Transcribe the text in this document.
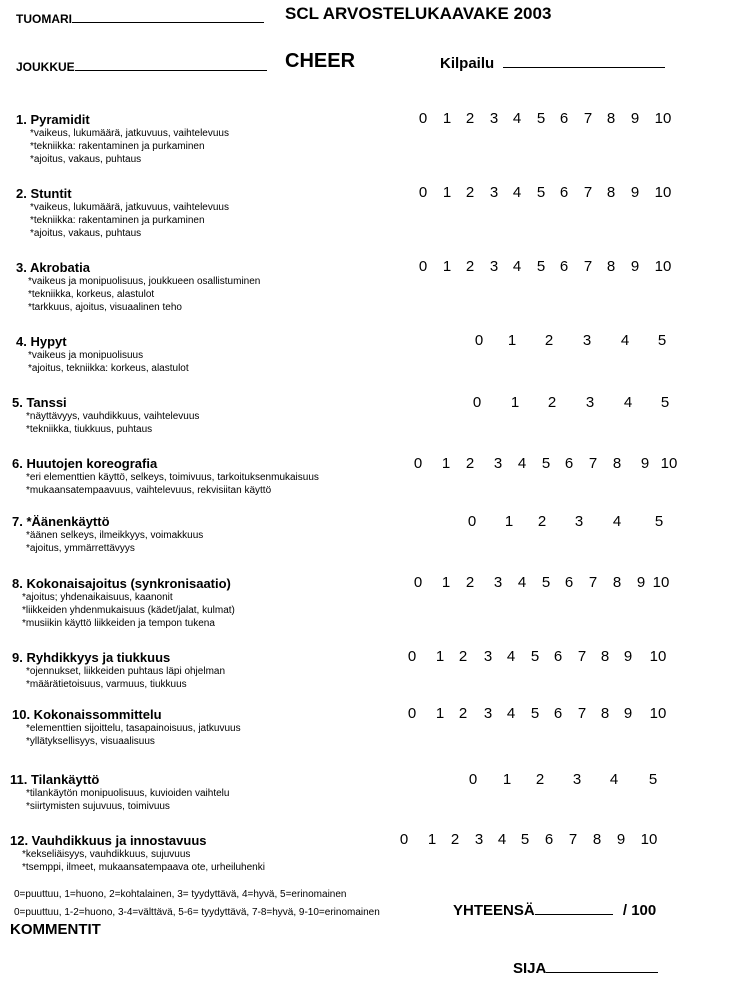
TUOMARI	SCL ARVOSTELUKAAVAKE 2003
JOUKKUE	CHEER	Kilpailu
1. Pyramidit
*vaikeus, lukumäärä, jatkuvuus, vaihtelevuus
*tekniikka: rakentaminen ja purkaminen
*ajoitus, vakaus, puhtaus
0 1 2 3 4 5 6 7 8 9 10
2. Stuntit
*vaikeus, lukumäärä, jatkuvuus, vaihtelevuus
*tekniikka: rakentaminen ja purkaminen
*ajoitus, vakaus, puhtaus
0 1 2 3 4 5 6 7 8 9 10
3. Akrobatia
*vaikeus ja monipuolisuus, joukkueen osallistuminen
*tekniikka, korkeus, alastulot
*tarkkuus, ajoitus, visuaalinen teho
0 1 2 3 4 5 6 7 8 9 10
4. Hypyt
*vaikeus ja monipuolisuus
*ajoitus, tekniikka: korkeus, alastulot
0 1 2 3 4 5
5. Tanssi
*näyttävyys, vauhdikkuus, vaihtelevuus
*tekniikka, tiukkuus, puhtaus
0 1 2 3 4 5
6. Huutojen koreografia
*eri elementtien käyttö, selkeys, toimivuus, tarkoituksenmukaisuus
*mukaansatempaavuus, vaihtelevuus, rekvisiitan käyttö
0 1 2 3 4 5 6 7 8 9 10
7. *Äänenkäyttö
*äänen selkeys, ilmeikkyys, voimakkuus
*ajoitus, ymmärrettävyys
0 1 2 3 4 5
8. Kokonaisajoitus (synkronisaatio)
*ajoitus; yhdenaikaisuus, kaanonit
*liikkeiden yhdenmukaisuus (kädet/jalat, kulmat)
*musiikin käyttö liikkeiden ja tempon tukena
0 1 2 3 4 5 6 7 8 9 10
9. Ryhdikkyys ja tiukkuus
*ojennukset, liikkeiden puhtaus läpi ohjelman
*määrätietoisuus, varmuus, tiukkuus
0 1 2 3 4 5 6 7 8 9 10
10. Kokonaissommittelu
*elementtien sijoittelu, tasapainoisuus, jatkuvuus
*yllätyksellisyys, visuaalisuus
0 1 2 3 4 5 6 7 8 9 10
11. Tilankäyttö
*tilankäytön monipuolisuus, kuvioiden vaihtelu
*siirtymisten sujuvuus, toimivuus
0 1 2 3 4 5
12. Vauhdikkuus ja innostavuus
*kekseliäisyys, vauhdikkuus, sujuvuus
*tsemppi, ilmeet, mukaansatempaava ote, urheiluhenki
0 1 2 3 4 5 6 7 8 9 10
0=puuttuu, 1=huono, 2=kohtalainen, 3= tyydyttävä, 4=hyvä, 5=erinomainen
0=puuttuu, 1-2=huono, 3-4=välttävä, 5-6= tyydyttävä, 7-8=hyvä, 9-10=erinomainen	YHTEENSÄ	/ 100
KOMMENTIT
SIJA
